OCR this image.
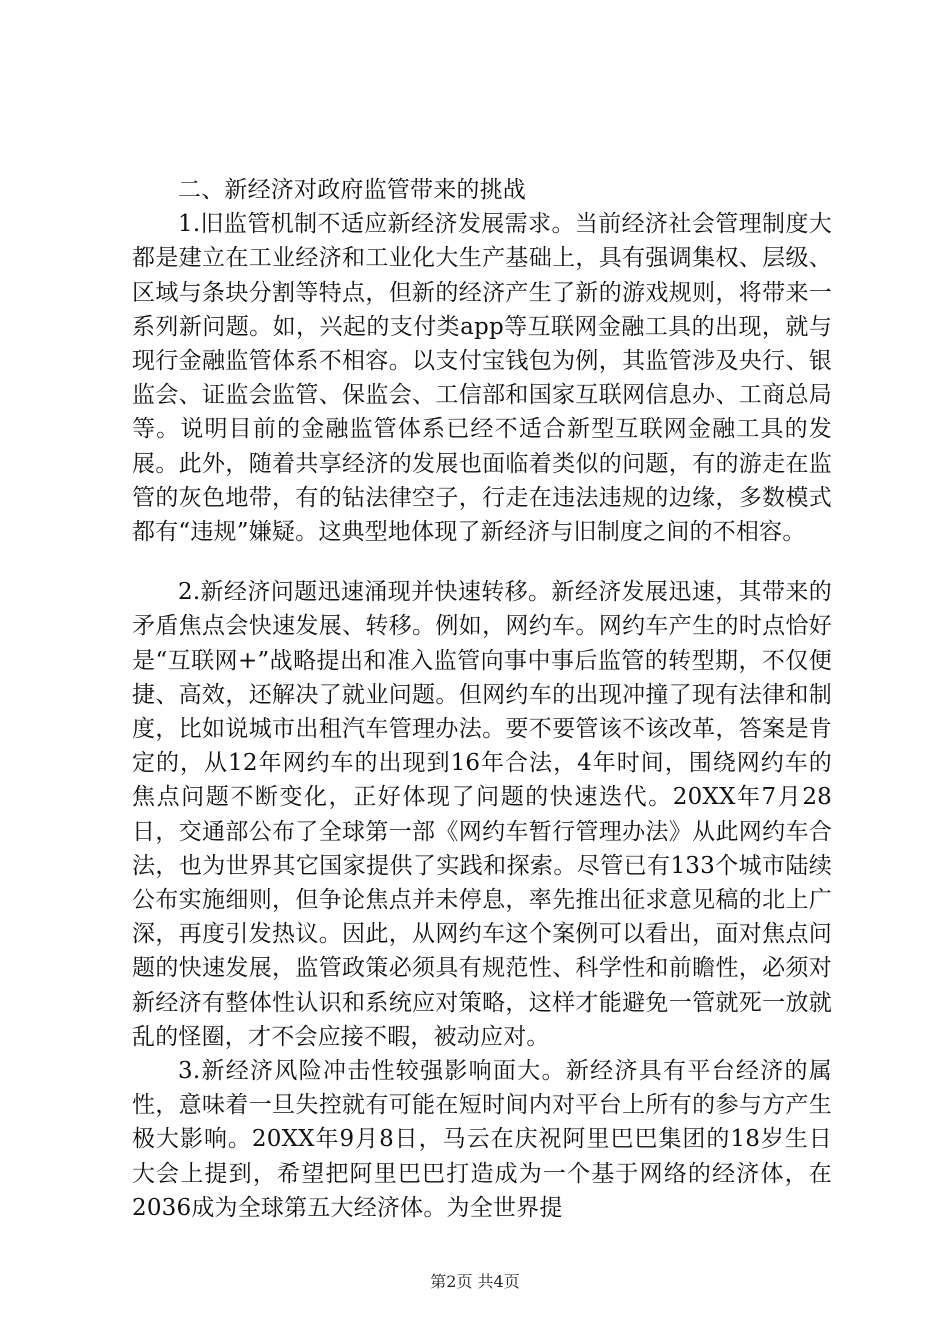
二、新经济对政府监管带来的挑战

1.旧监管机制不适应新经济发展需求。当前经济社会管理制度大都是建立在工业经济和工业化大生产基础上，具有强调集权、层级、区域与条块分割等特点，但新的经济产生了新的游戏规则，将带来一系列新问题。如，兴起的支付类app等互联网金融工具的出现，就与现行金融监管体系不相容。以支付宝钱包为例，其监管涉及央行、银监会、证监会监管、保监会、工信部和国家互联网信息办、工商总局等。说明目前的金融监管体系已经不适合新型互联网金融工具的发展。此外，随着共享经济的发展也面临着类似的问题，有的游走在监管的灰色地带，有的钻法律空子，行走在违法违规的边缘，多数模式都有“违规”嫌疑。这典型地体现了新经济与旧制度之间的不相容。

2.新经济问题迅速涌现并快速转移。新经济发展迅速，其带来的矛盾焦点会快速发展、转移。例如，网约车。网约车产生的时点恰好是“互联网+”战略提出和准入监管向事中事后监管的转型期，不仅便捷、高效，还解决了就业问题。但网约车的出现冲撞了现有法律和制度，比如说城市出租汽车管理办法。要不要管该不该改革，答案是肯定的，从12年网约车的出现到16年合法，4年时间，围绕网约车的焦点问题不断变化，正好体现了问题的快速迭代。20XX年7月28日，交通部公布了全球第一部《网约车暂行管理办法》从此网约车合法，也为世界其它国家提供了实践和探索。尽管已有133个城市陆续公布实施细则，但争论焦点并未停息，率先推出征求意见稿的北上广深，再度引发热议。因此，从网约车这个案例可以看出，面对焦点问题的快速发展，监管政策必须具有规范性、科学性和前瞻性，必须对新经济有整体性认识和系统应对策略，这样才能避免一管就死一放就乱的怪圈，才不会应接不暇，被动应对。

3.新经济风险冲击性较强影响面大。新经济具有平台经济的属性，意味着一旦失控就有可能在短时间内对平台上所有的参与方产生极大影响。20XX年9月8日，马云在庆祝阿里巴巴集团的18岁生日大会上提到，希望把阿里巴巴打造成为一个基于网络的经济体，在2036成为全球第五大经济体。为全世界提

第2页 共4页
